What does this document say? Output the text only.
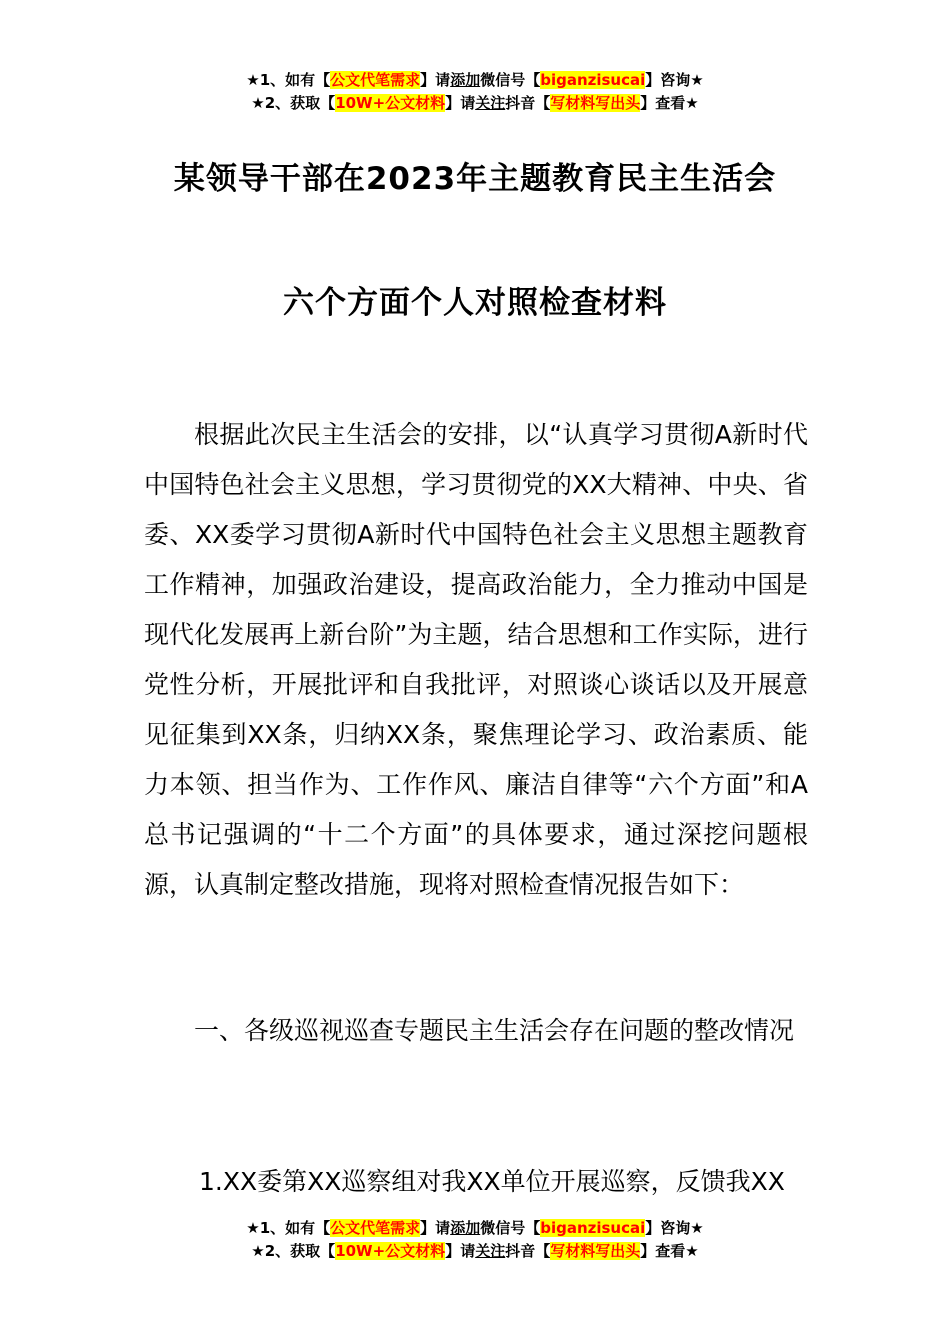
★1、如有【公文代笔需求】请添加微信号【biganzisucai】咨询★
★2、获取【10W+公文材料】请关注抖音【写材料写出头】查看★
某领导干部在2023年主题教育民主生活会
六个方面个人对照检查材料
根据此次民主生活会的安排，以“认真学习贯彻A新时代中国特色社会主义思想，学习贯彻党的XX大精神、中央、省委、XX委学习贯彻A新时代中国特色社会主义思想主题教育工作精神，加强政治建设，提高政治能力，全力推动中国是现代化发展再上新台阶”为主题，结合思想和工作实际，进行党性分析，开展批评和自我批评，对照谈心谈话以及开展意见征集到XX条，归纳XX条，聚焦理论学习、政治素质、能力本领、担当作为、工作作风、廉洁自律等“六个方面”和A总书记强调的“十二个方面”的具体要求，通过深挖问题根源，认真制定整改措施，现将对照检查情况报告如下：
一、各级巡视巡查专题民主生活会存在问题的整改情况
1.XX委第XX巡察组对我XX单位开展巡察，反馈我XX
★1、如有【公文代笔需求】请添加微信号【biganzisucai】咨询★
★2、获取【10W+公文材料】请关注抖音【写材料写出头】查看★
